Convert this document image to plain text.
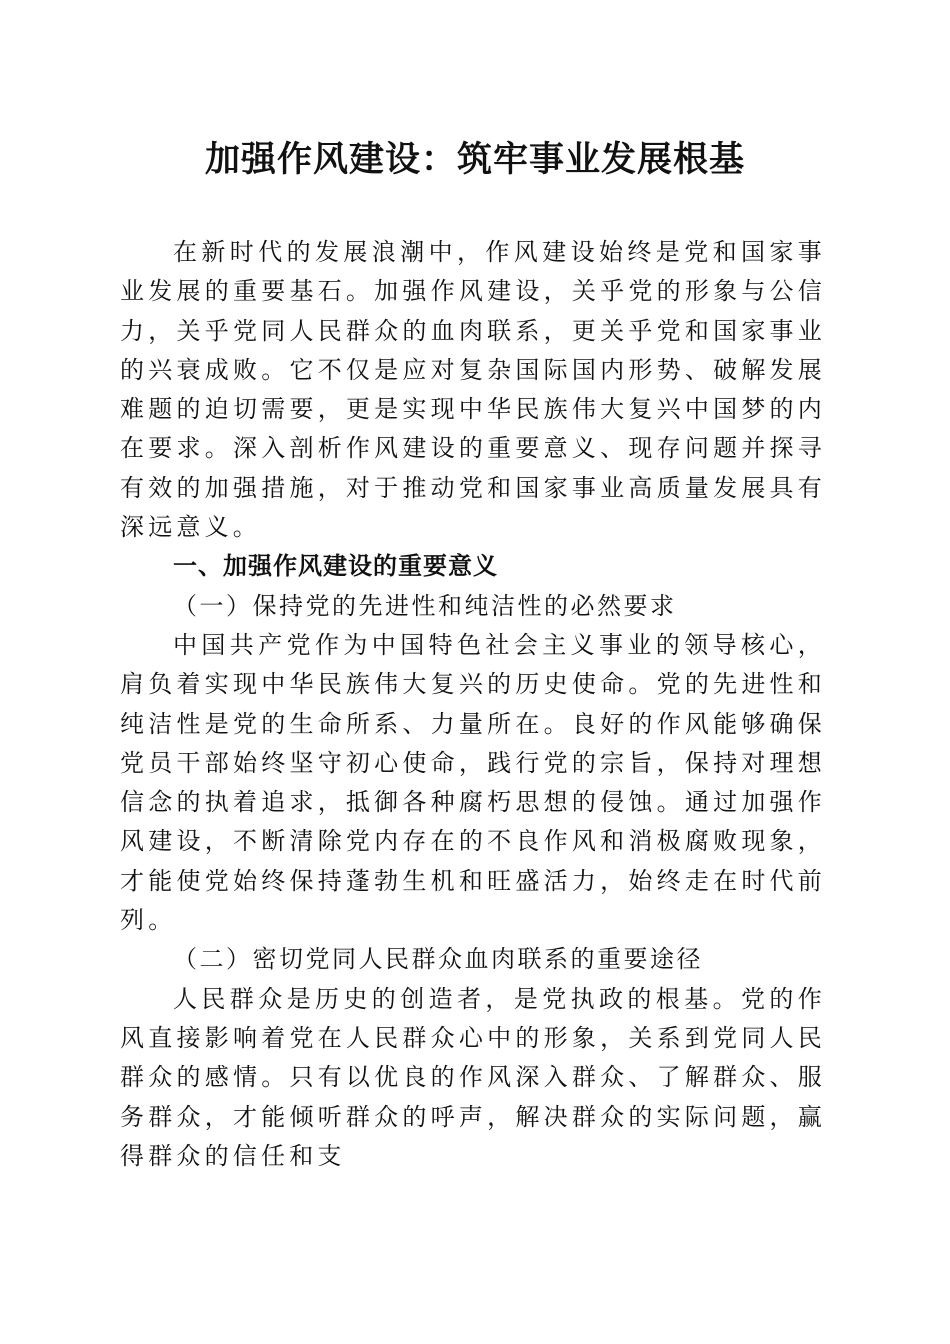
加强作风建设：筑牢事业发展根基

在新时代的发展浪潮中，作风建设始终是党和国家事业发展的重要基石。加强作风建设，关乎党的形象与公信力，关乎党同人民群众的血肉联系，更关乎党和国家事业的兴衰成败。它不仅是应对复杂国际国内形势、破解发展难题的迫切需要，更是实现中华民族伟大复兴中国梦的内在要求。深入剖析作风建设的重要意义、现存问题并探寻有效的加强措施，对于推动党和国家事业高质量发展具有深远意义。

一、加强作风建设的重要意义

（一）保持党的先进性和纯洁性的必然要求

中国共产党作为中国特色社会主义事业的领导核心，肩负着实现中华民族伟大复兴的历史使命。党的先进性和纯洁性是党的生命所系、力量所在。良好的作风能够确保党员干部始终坚守初心使命，践行党的宗旨，保持对理想信念的执着追求，抵御各种腐朽思想的侵蚀。通过加强作风建设，不断清除党内存在的不良作风和消极腐败现象，才能使党始终保持蓬勃生机和旺盛活力，始终走在时代前列。

（二）密切党同人民群众血肉联系的重要途径

人民群众是历史的创造者，是党执政的根基。党的作风直接影响着党在人民群众心中的形象，关系到党同人民群众的感情。只有以优良的作风深入群众、了解群众、服务群众，才能倾听群众的呼声，解决群众的实际问题，赢得群众的信任和支
